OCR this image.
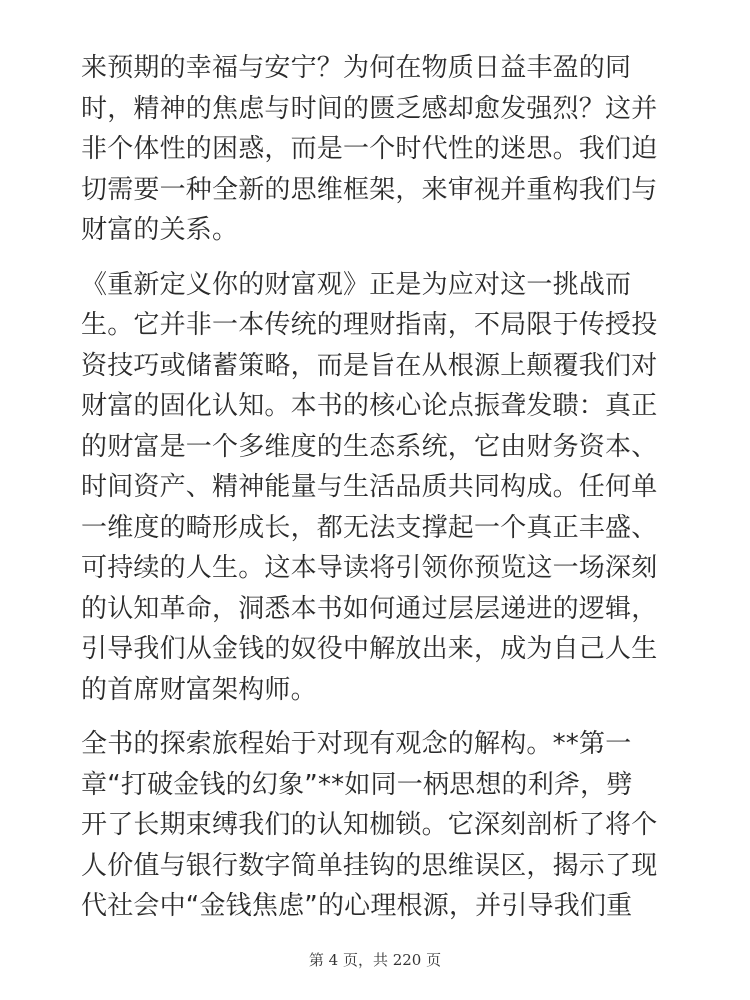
来预期的幸福与安宁？为何在物质日益丰盈的同
时，精神的焦虑与时间的匮乏感却愈发强烈？这并
非个体性的困惑，而是一个时代性的迷思。我们迫
切需要一种全新的思维框架，来审视并重构我们与
财富的关系。

《重新定义你的财富观》正是为应对这一挑战而
生。它并非一本传统的理财指南，不局限于传授投
资技巧或储蓄策略，而是旨在从根源上颠覆我们对
财富的固化认知。本书的核心论点振聋发聩：真正
的财富是一个多维度的生态系统，它由财务资本、
时间资产、精神能量与生活品质共同构成。任何单
一维度的畸形成长，都无法支撑起一个真正丰盛、
可持续的人生。这本导读将引领你预览这一场深刻
的认知革命，洞悉本书如何通过层层递进的逻辑，
引导我们从金钱的奴役中解放出来，成为自己人生
的首席财富架构师。

全书的探索旅程始于对现有观念的解构。**第一
章“打破金钱的幻象”**如同一柄思想的利斧，劈
开了长期束缚我们的认知枷锁。它深刻剖析了将个
人价值与银行数字简单挂钩的思维误区，揭示了现
代社会中“金钱焦虑”的心理根源，并引导我们重

第 4 页，共 220 页
